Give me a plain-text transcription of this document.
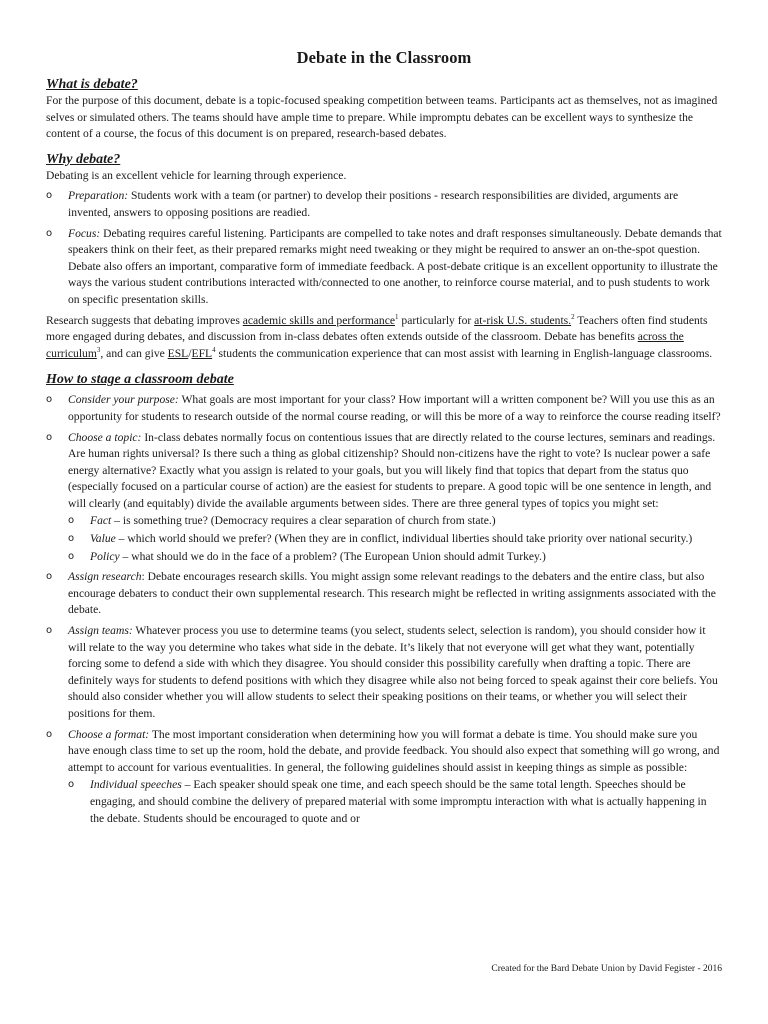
Debate in the Classroom
What is debate?

For the purpose of this document, debate is a topic-focused speaking competition between teams. Participants act as themselves, not as imagined selves or simulated others. The teams should have ample time to prepare. While impromptu debates can be excellent ways to synthesize the content of a course, the focus of this document is on prepared, research-based debates.

Why debate?

Debating is an excellent vehicle for learning through experience.

o Preparation: Students work with a team (or partner) to develop their positions - research responsibilities are divided, arguments are invented, answers to opposing positions are readied.
o Focus: Debating requires careful listening. Participants are compelled to take notes and draft responses simultaneously. Debate demands that speakers think on their feet, as their prepared remarks might need tweaking or they might be required to answer an on-the-spot question. Debate also offers an important, comparative form of immediate feedback. A post-debate critique is an excellent opportunity to illustrate the ways the various student contributions interacted with/connected to one another, to reinforce course material, and to push students to work on specific presentation skills.

Research suggests that debating improves academic skills and performance$^1$ particularly for at-risk U.S. students.$^2$ Teachers often find students more engaged during debates, and discussion from in-class debates often extends outside of the classroom. Debate has benefits across the curriculum$^3$, and can give ESL/EFL$^4$ students the communication experience that can most assist with learning in English-language classrooms.

How to stage a classroom debate
o Consider your purpose: What goals are most important for your class? How important will a written component be? Will you use this as an opportunity for students to research outside of the normal course reading, or will this be more of a way to reinforce the course reading itself?
o Choose a topic: In-class debates normally focus on contentious issues that are directly related to the course lectures, seminars and readings. Are human rights universal? Is there such a thing as global citizenship? Should non-citizens have the right to vote? Is nuclear power a safe energy alternative? Exactly what you assign is related to your goals, but you will likely find that topics that depart from the status quo (especially focused on a particular course of action) are the easiest for students to prepare. A good topic will be one sentence in length, and will clearly (and equitably) divide the available arguments between sides. There are three general types of topics you might set:
o Fact – is something true? (Democracy requires a clear separation of church from state.)
o Value – which world should we prefer? (When they are in conflict, individual liberties should take priority over national security.)
o Policy – what should we do in the face of a problem? (The European Union should admit Turkey.)
o Assign research: Debate encourages research skills. You might assign some relevant readings to the debaters and the entire class, but also encourage debaters to conduct their own supplemental research. This research might be reflected in writing assignments associated with the debate.
o Assign teams: Whatever process you use to determine teams (you select, students select, selection is random), you should consider how it will relate to the way you determine who takes what side in the debate. It’s likely that not everyone will get what they want, potentially forcing some to defend a side with which they disagree. You should consider this possibility carefully when drafting a topic. There are definitely ways for students to defend positions with which they disagree while also not being forced to speak against their core beliefs. You should also consider whether you will allow students to select their speaking positions on their teams, or whether you will select their positions for them.
o Choose a format: The most important consideration when determining how you will format a debate is time. You should make sure you have enough class time to set up the room, hold the debate, and provide feedback. You should also expect that something will go wrong, and attempt to account for various eventualities. In general, the following guidelines should assist in keeping things as simple as possible:
o Individual speeches – Each speaker should speak one time, and each speech should be the same total length. Speeches should be engaging, and should combine the delivery of prepared material with some impromptu interaction with what is actually happening in the debate. Students should be encouraged to quote and or
Created for the Bard Debate Union by David Fegister - 2016
